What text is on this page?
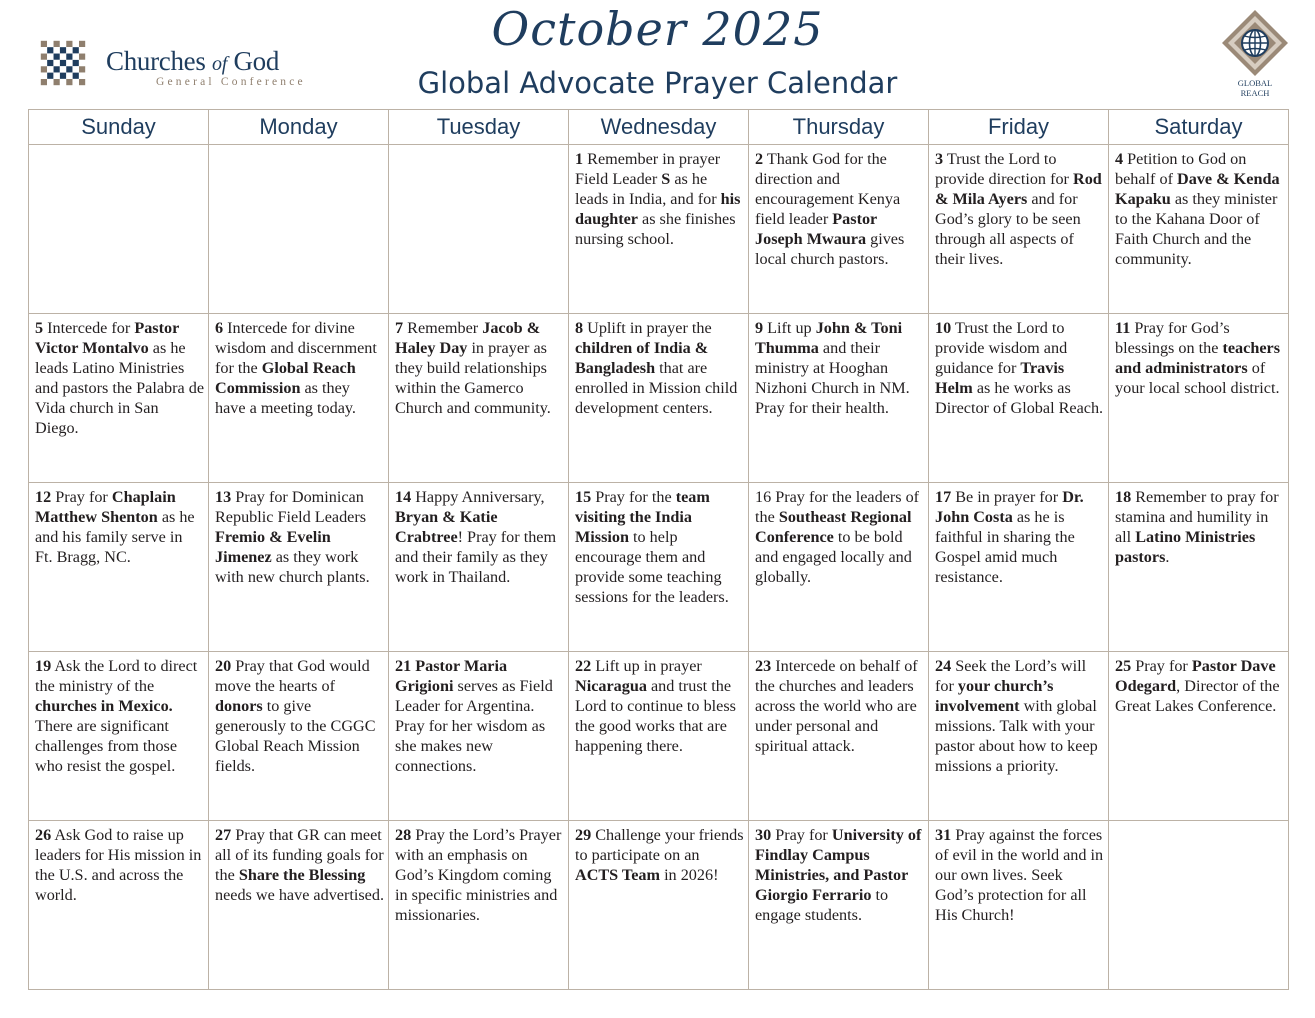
Churches of God
General Conference
October 2025
Global Advocate Prayer Calendar	GLOBAL
REACH
Sunday	Monday	Tuesday	Wednesday	Thursday	Friday	Saturday

			1 Remember in prayer Field Leader S as he leads in India, and for his daughter as she finishes nursing school.	2 Thank God for the direction and encouragement Kenya field leader Pastor Joseph Mwaura gives local church pastors.	3 Trust the Lord to provide direction for Rod & Mila Ayers and for God’s glory to be seen through all aspects of their lives.	4 Petition to God on behalf of Dave & Kenda Kapaku as they minister to the Kahana Door of Faith Church and the community.

5 Intercede for Pastor Victor Montalvo as he leads Latino Ministries and pastors the Palabra de Vida church in San Diego.	6 Intercede for divine wisdom and discernment for the Global Reach Commission as they have a meeting today.	7 Remember Jacob & Haley Day in prayer as they build relationships within the Gamerco Church and community.	8 Uplift in prayer the children of India & Bangladesh that are enrolled in Mission child development centers.	9 Lift up John & Toni Thumma and their ministry at Hooghan Nizhoni Church in NM. Pray for their health.	10 Trust the Lord to provide wisdom and guidance for Travis Helm as he works as Director of Global Reach.	11 Pray for God’s blessings on the teachers and administrators of your local school district.

12 Pray for Chaplain Matthew Shenton as he and his family serve in Ft. Bragg, NC.	13 Pray for Dominican Republic Field Leaders Fremio & Evelin Jimenez as they work with new church plants.	14 Happy Anniversary, Bryan & Katie Crabtree! Pray for them and their family as they work in Thailand.	15 Pray for the team visiting the India Mission to help encourage them and provide some teaching sessions for the leaders.	16 Pray for the leaders of the Southeast Regional Conference to be bold and engaged locally and globally.	17 Be in prayer for Dr. John Costa as he is faithful in sharing the Gospel amid much resistance.	18 Remember to pray for stamina and humility in all Latino Ministries pastors.

19 Ask the Lord to direct the ministry of the churches in Mexico. There are significant challenges from those who resist the gospel.	20 Pray that God would move the hearts of donors to give generously to the CGGC Global Reach Mission fields.	21 Pastor Maria Grigioni serves as Field Leader for Argentina. Pray for her wisdom as she makes new connections.	22 Lift up in prayer Nicaragua and trust the Lord to continue to bless the good works that are happening there.	23 Intercede on behalf of the churches and leaders across the world who are under personal and spiritual attack.	24 Seek the Lord’s will for your church’s involvement with global missions. Talk with your pastor about how to keep missions a priority.	25 Pray for Pastor Dave Odegard, Director of the Great Lakes Conference.

26 Ask God to raise up leaders for His mission in the U.S. and across the world.	27 Pray that GR can meet all of its funding goals for the Share the Blessing needs we have advertised.	28 Pray the Lord’s Prayer with an emphasis on God’s Kingdom coming in specific ministries and missionaries.	29 Challenge your friends to participate on an ACTS Team in 2026!	30 Pray for University of Findlay Campus Ministries, and Pastor Giorgio Ferrario to engage students.	31 Pray against the forces of evil in the world and in our own lives. Seek God’s protection for all His Church!	
